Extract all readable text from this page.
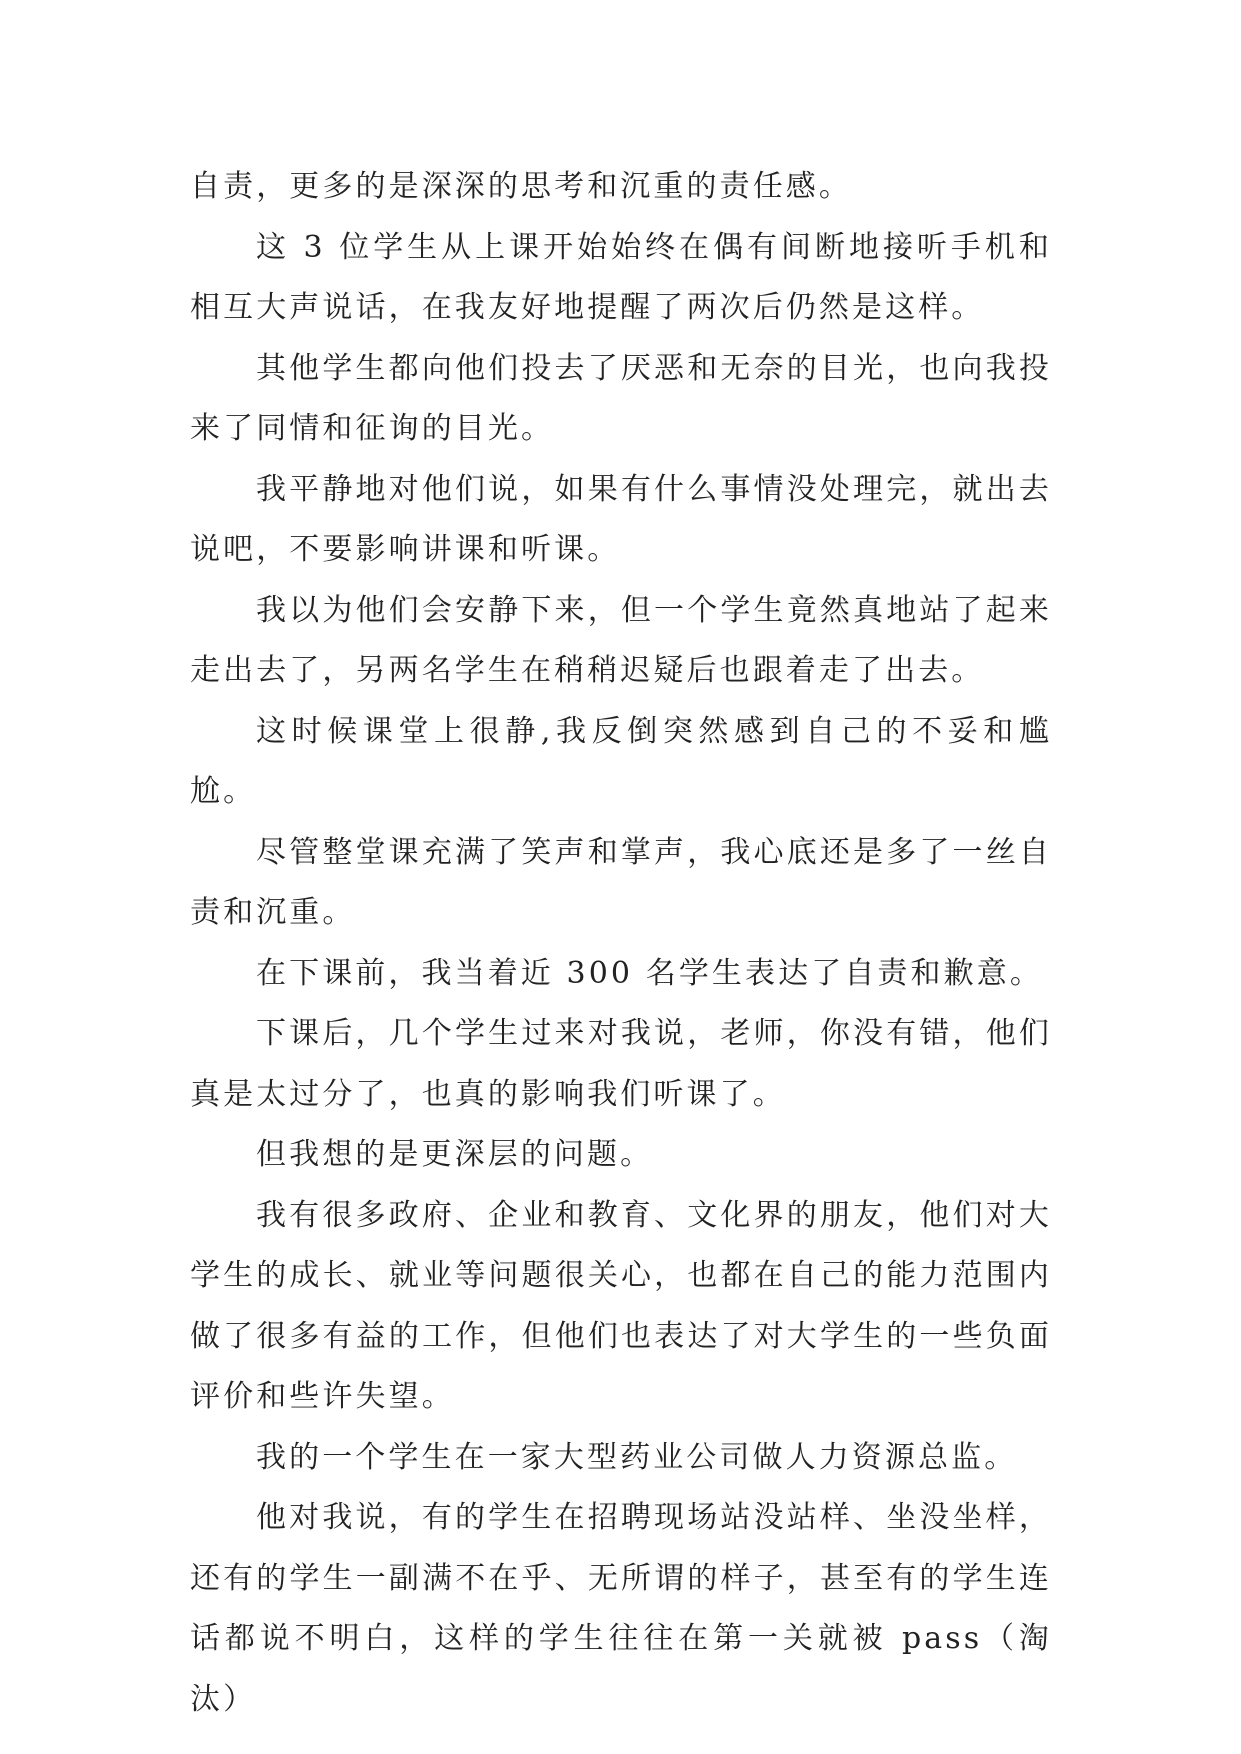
自责，更多的是深深的思考和沉重的责任感。

这 3 位学生从上课开始始终在偶有间断地接听手机和相互大声说话，在我友好地提醒了两次后仍然是这样。

其他学生都向他们投去了厌恶和无奈的目光，也向我投来了同情和征询的目光。

我平静地对他们说，如果有什么事情没处理完，就出去说吧，不要影响讲课和听课。

我以为他们会安静下来，但一个学生竟然真地站了起来走出去了，另两名学生在稍稍迟疑后也跟着走了出去。

这时候课堂上很静,我反倒突然感到自己的不妥和尴尬。

尽管整堂课充满了笑声和掌声，我心底还是多了一丝自责和沉重。

在下课前，我当着近 300 名学生表达了自责和歉意。

下课后，几个学生过来对我说，老师，你没有错，他们真是太过分了，也真的影响我们听课了。

但我想的是更深层的问题。

我有很多政府、企业和教育、文化界的朋友，他们对大学生的成长、就业等问题很关心，也都在自己的能力范围内做了很多有益的工作，但他们也表达了对大学生的一些负面评价和些许失望。

我的一个学生在一家大型药业公司做人力资源总监。

他对我说，有的学生在招聘现场站没站样、坐没坐样，还有的学生一副满不在乎、无所谓的样子，甚至有的学生连话都说不明白，这样的学生往往在第一关就被 pass（淘汰）
